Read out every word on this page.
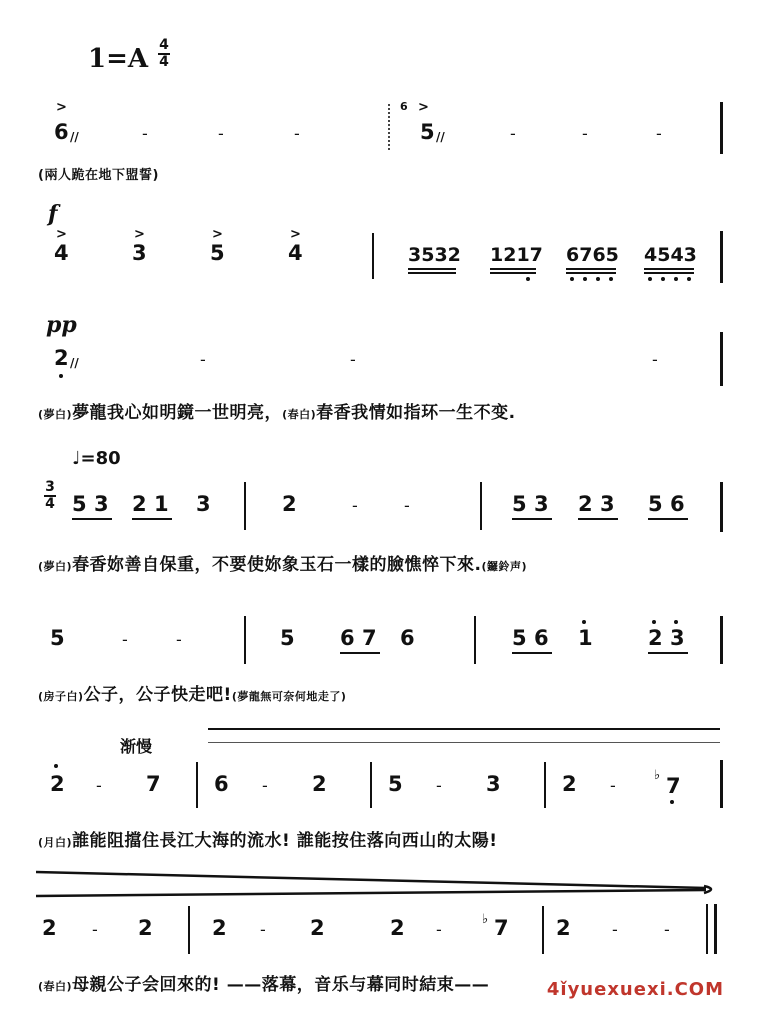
1=A 4
4
>
6 //	-	-	-
6 >
5 //	-	-	-
(兩人跪在地下盟誓)
f
>
4
>
3
>
5
>
4	3532 1217 6765 4543
pp
2 //	-	-	-
(夢白)夢龍我心如明鏡一世明亮，(春白)春香我情如指环一生不变.
♩=80
3
4 5 3 2 1 3	2	-	-	5 3 2 3 5 6
(夢白)春香妳善自保重，不要使妳象玉石一樣的臉憔悴下來.(鑼鈴声)
5	-	-	5 6 7 6	5 6 1	2 3
(房子白)公子，公子快走吧!(夢龍無可奈何地走了)
渐慢
2 - 7	6 - 2	5 - 3	2 -
♭ 7
(月白)誰能阻擋住長江大海的流水! 誰能按住落向西山的太陽!
2 - 2	2 - 2	2 -
♭ 7 2	-	-
(春白)母親公子会回來的! ——落幕，音乐与幕同时結束——	4ǐyuexuexi.COM
